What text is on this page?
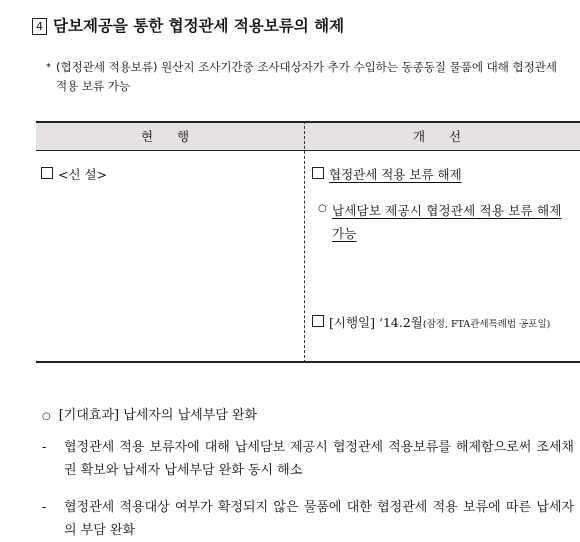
4 담보제공을 통한 협정관세 적용보류의 해제
* (협정관세 적용보류) 원산지 조사기간중 조사대상자가 추가 수입하는 동종동질 물품에 대해 협정관세 적용 보류 가능
현 행	개 선
<신 설>	협정관세 적용 보류 해제
○ 납세담보 제공시 협정관세 적용 보류 해제 가능
[시행일] ‘14.2월(잠정, FTA관세특례법 공포일)
○ [기대효과] 납세자의 납세부담 완화
- 협정관세 적용 보류자에 대해 납세담보 제공시 협정관세 적용보류를 해제함으로써 조세채권 확보와 납세자 납세부담 완화 동시 해소
- 협정관세 적용대상 여부가 확정되지 않은 물품에 대한 협정관세 적용 보류에 따른 납세자의 부담 완화
